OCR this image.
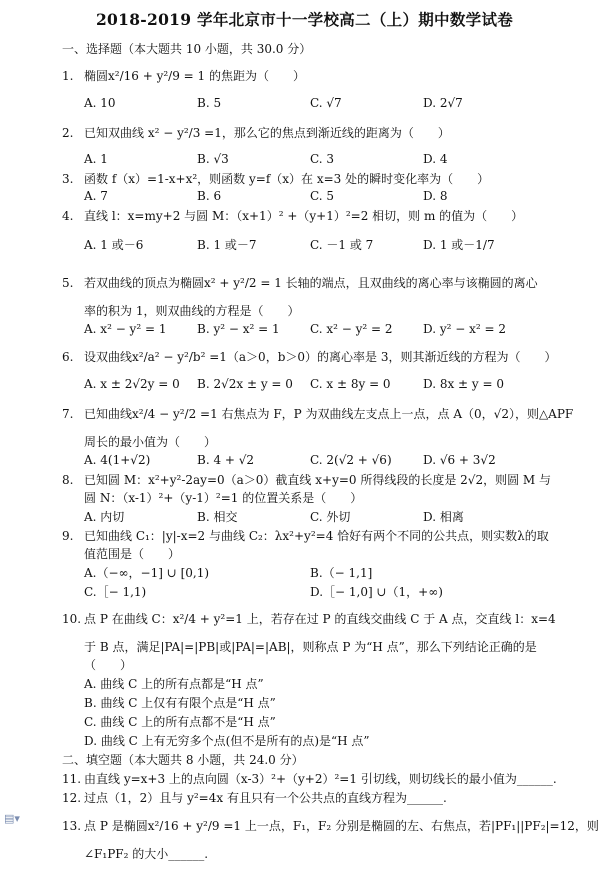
2018-2019 学年北京市十一学校高二（上）期中数学试卷
一、选择题（本大题共 10 小题，共 30.0 分）
1. 椭圆x²/16 + y²/9 = 1 的焦距为（　　）
A. 10	B. 5	C. √7	D. 2√7
2. 已知双曲线 x² − y²/3 =1，那么它的焦点到渐近线的距离为（　　）
A. 1	B. √3	C. 3	D. 4
3. 函数 f（x）=1-x+x²，则函数 y=f（x）在 x=3 处的瞬时变化率为（　　）
A. 7	B. 6	C. 5	D. 8
4. 直线 l：x=my+2 与圆 M：（x+1）² +（y+1）²=2 相切，则 m 的值为（　　）
A. 1 或－6	B. 1 或－7	C. －1 或 7	D. 1 或－1/7
5. 若双曲线的顶点为椭圆x² + y²/2 = 1 长轴的端点，且双曲线的离心率与该椭圆的离心
率的积为 1，则双曲线的方程是（　　）
A. x² − y² = 1	B. y² − x² = 1	C. x² − y² = 2	D. y² − x² = 2
6. 设双曲线x²/a² − y²/b² =1（a＞0，b＞0）的离心率是 3，则其渐近线的方程为（　　）
A. x ± 2√2y = 0 B. 2√2x ± y = 0 C. x ± 8y = 0	D. 8x ± y = 0
7. 已知曲线x²/4 − y²/2 =1 右焦点为 F，P 为双曲线左支点上一点，点 A（0，√2），则△APF
周长的最小值为（　　）
A. 4(1+√2)	B. 4 + √2	C. 2(√2 + √6)	D. √6 + 3√2
8. 已知圆 M：x²+y²-2ay=0（a＞0）截直线 x+y=0 所得线段的长度是 2√2，则圆 M 与
圆 N：（x-1）²+（y-1）²=1 的位置关系是（　　）
A. 内切	B. 相交	C. 外切	D. 相离
9. 已知曲线 C₁：|y|-x=2 与曲线 C₂：λx²+y²=4 恰好有两个不同的公共点，则实数λ的取
值范围是（　　）
A.（−∞，−1] ∪ [0,1)	B.（− 1,1]
C.［− 1,1)	D.［− 1,0] ∪（1，+∞)
10. 点 P 在曲线 C：x²/4 + y²=1 上，若存在过 P 的直线交曲线 C 于 A 点，交直线 l：x=4
于 B 点，满足|PA|=|PB|或|PA|=|AB|，则称点 P 为“H 点”，那么下列结论正确的是
（　　）
A. 曲线 C 上的所有点都是“H 点”
B. 曲线 C 上仅有有限个点是“H 点”
C. 曲线 C 上的所有点都不是“H 点”
D. 曲线 C 上有无穷多个点(但不是所有的点)是“H 点”
二、填空题（本大题共 8 小题，共 24.0 分）
11. 由直线 y=x+3 上的点向圆（x-3）²+（y+2）²=1 引切线，则切线长的最小值为______.
12. 过点（1，2）且与 y²=4x 有且只有一个公共点的直线方程为______.
13. 点 P 是椭圆x²/16 + y²/9 =1 上一点，F₁，F₂ 分别是椭圆的左、右焦点，若|PF₁||PF₂|=12，则
∠F₁PF₂ 的大小______.
▤▾
